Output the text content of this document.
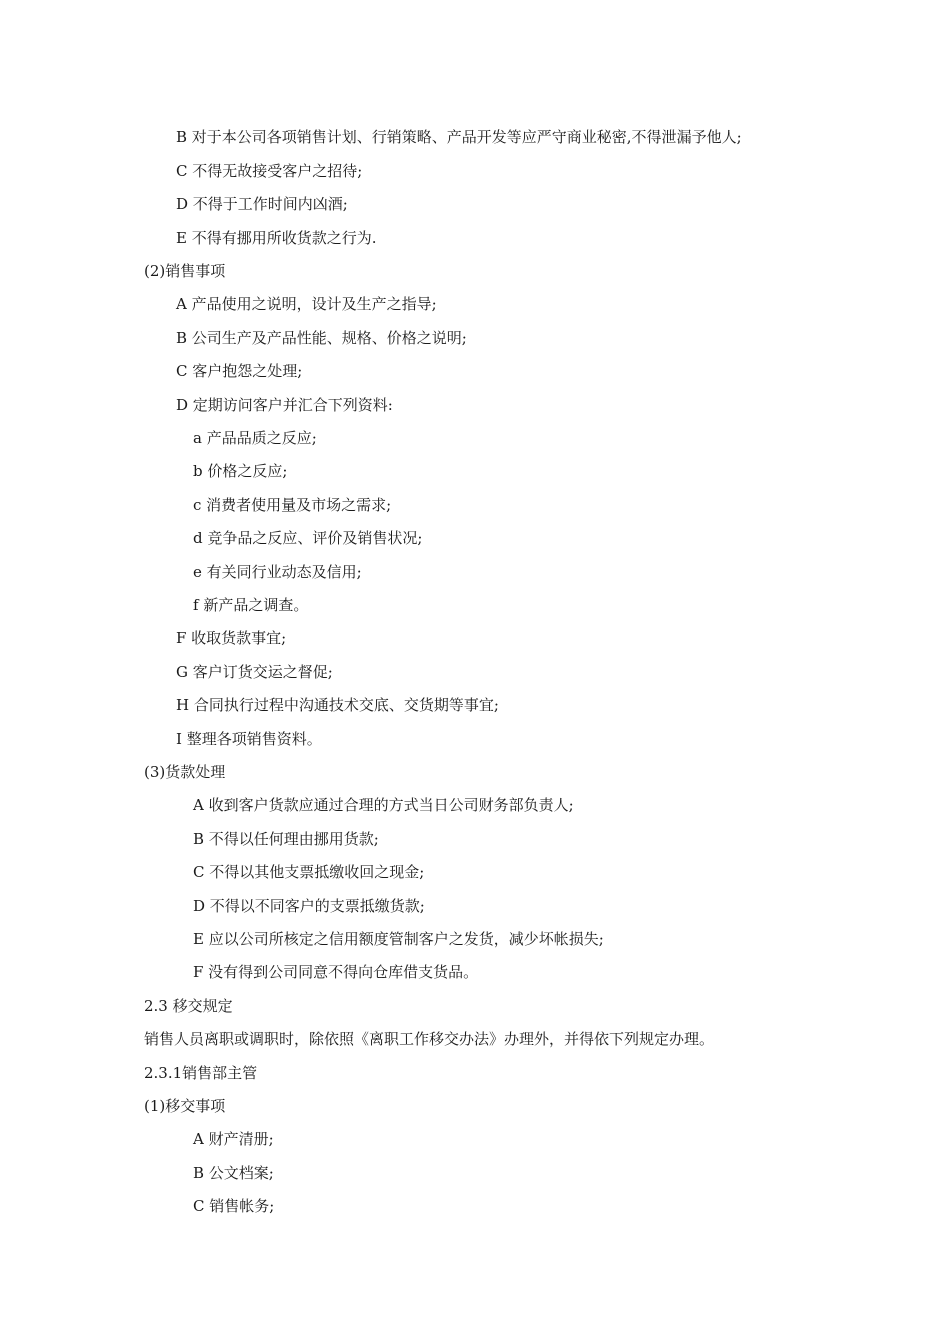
B 对于本公司各项销售计划、行销策略、产品开发等应严守商业秘密,不得泄漏予他人;
C 不得无故接受客户之招待;
D 不得于工作时间内凶酒;
E 不得有挪用所收货款之行为.
(2)销售事项
A 产品使用之说明，设计及生产之指导;
B 公司生产及产品性能、规格、价格之说明;
C 客户抱怨之处理;
D 定期访问客户并汇合下列资料:
a 产品品质之反应;
b 价格之反应;
c 消费者使用量及市场之需求;
d 竞争品之反应、评价及销售状况;
e 有关同行业动态及信用;
f 新产品之调查。
F 收取货款事宜;
G 客户订货交运之督促;
H 合同执行过程中沟通技术交底、交货期等事宜;
I 整理各项销售资料。
(3)货款处理
A 收到客户货款应通过合理的方式当日公司财务部负责人;
B 不得以任何理由挪用货款;
C 不得以其他支票抵缴收回之现金;
D 不得以不同客户的支票抵缴货款;
E 应以公司所核定之信用额度管制客户之发货，减少坏帐损失;
F 没有得到公司同意不得向仓库借支货品。
2.3 移交规定
销售人员离职或调职时，除依照《离职工作移交办法》办理外，并得依下列规定办理。
2.3.1销售部主管
(1)移交事项
A 财产清册;
B 公文档案;
C 销售帐务;
